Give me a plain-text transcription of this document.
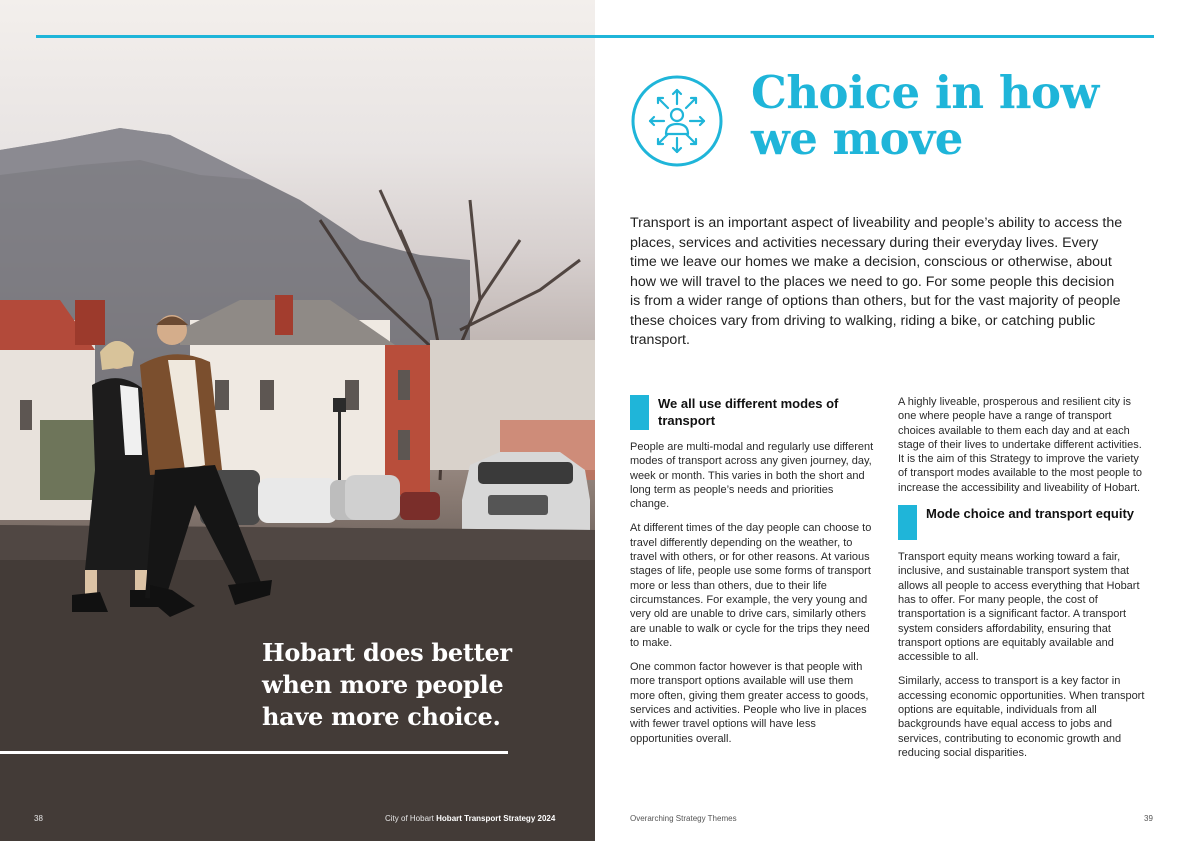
Hobart does better when more people have more choice.

38	City of Hobart Hobart Transport Strategy 2024
Choice in how we move

Transport is an important aspect of liveability and people’s ability to access the places, services and activities necessary during their everyday lives. Every time we leave our homes we make a decision, conscious or otherwise, about how we will travel to the places we need to go. For some people this decision is from a wider range of options than others, but for the vast majority of people these choices vary from driving to walking, riding a bike, or catching public transport.

We all use different modes of transport

People are multi-modal and regularly use different modes of transport across any given journey, day, week or month. This varies in both the short and long term as people’s needs and priorities change.

At different times of the day people can choose to travel differently depending on the weather, to travel with others, or for other reasons. At various stages of life, people use some forms of transport more or less than others, due to their life circumstances. For example, the very young and very old are unable to drive cars, similarly others are unable to walk or cycle for the trips they need to make.

One common factor however is that people with more transport options available will use them more often, giving them greater access to goods, services and activities. People who live in places with fewer travel options will have less opportunities overall.

A highly liveable, prosperous and resilient city is one where people have a range of transport choices available to them each day and at each stage of their lives to undertake different activities. It is the aim of this Strategy to improve the variety of transport modes available to the most people to increase the accessibility and liveability of Hobart.

Mode choice and transport equity

Transport equity means working toward a fair, inclusive, and sustainable transport system that allows all people to access everything that Hobart has to offer. For many people, the cost of transportation is a significant factor. A transport system considers affordability, ensuring that transport options are equitably available and accessible to all.

Similarly, access to transport is a key factor in accessing economic opportunities. When transport options are equitable, individuals from all backgrounds have equal access to jobs and services, contributing to economic growth and reducing social disparities.

Overarching Strategy Themes	39
